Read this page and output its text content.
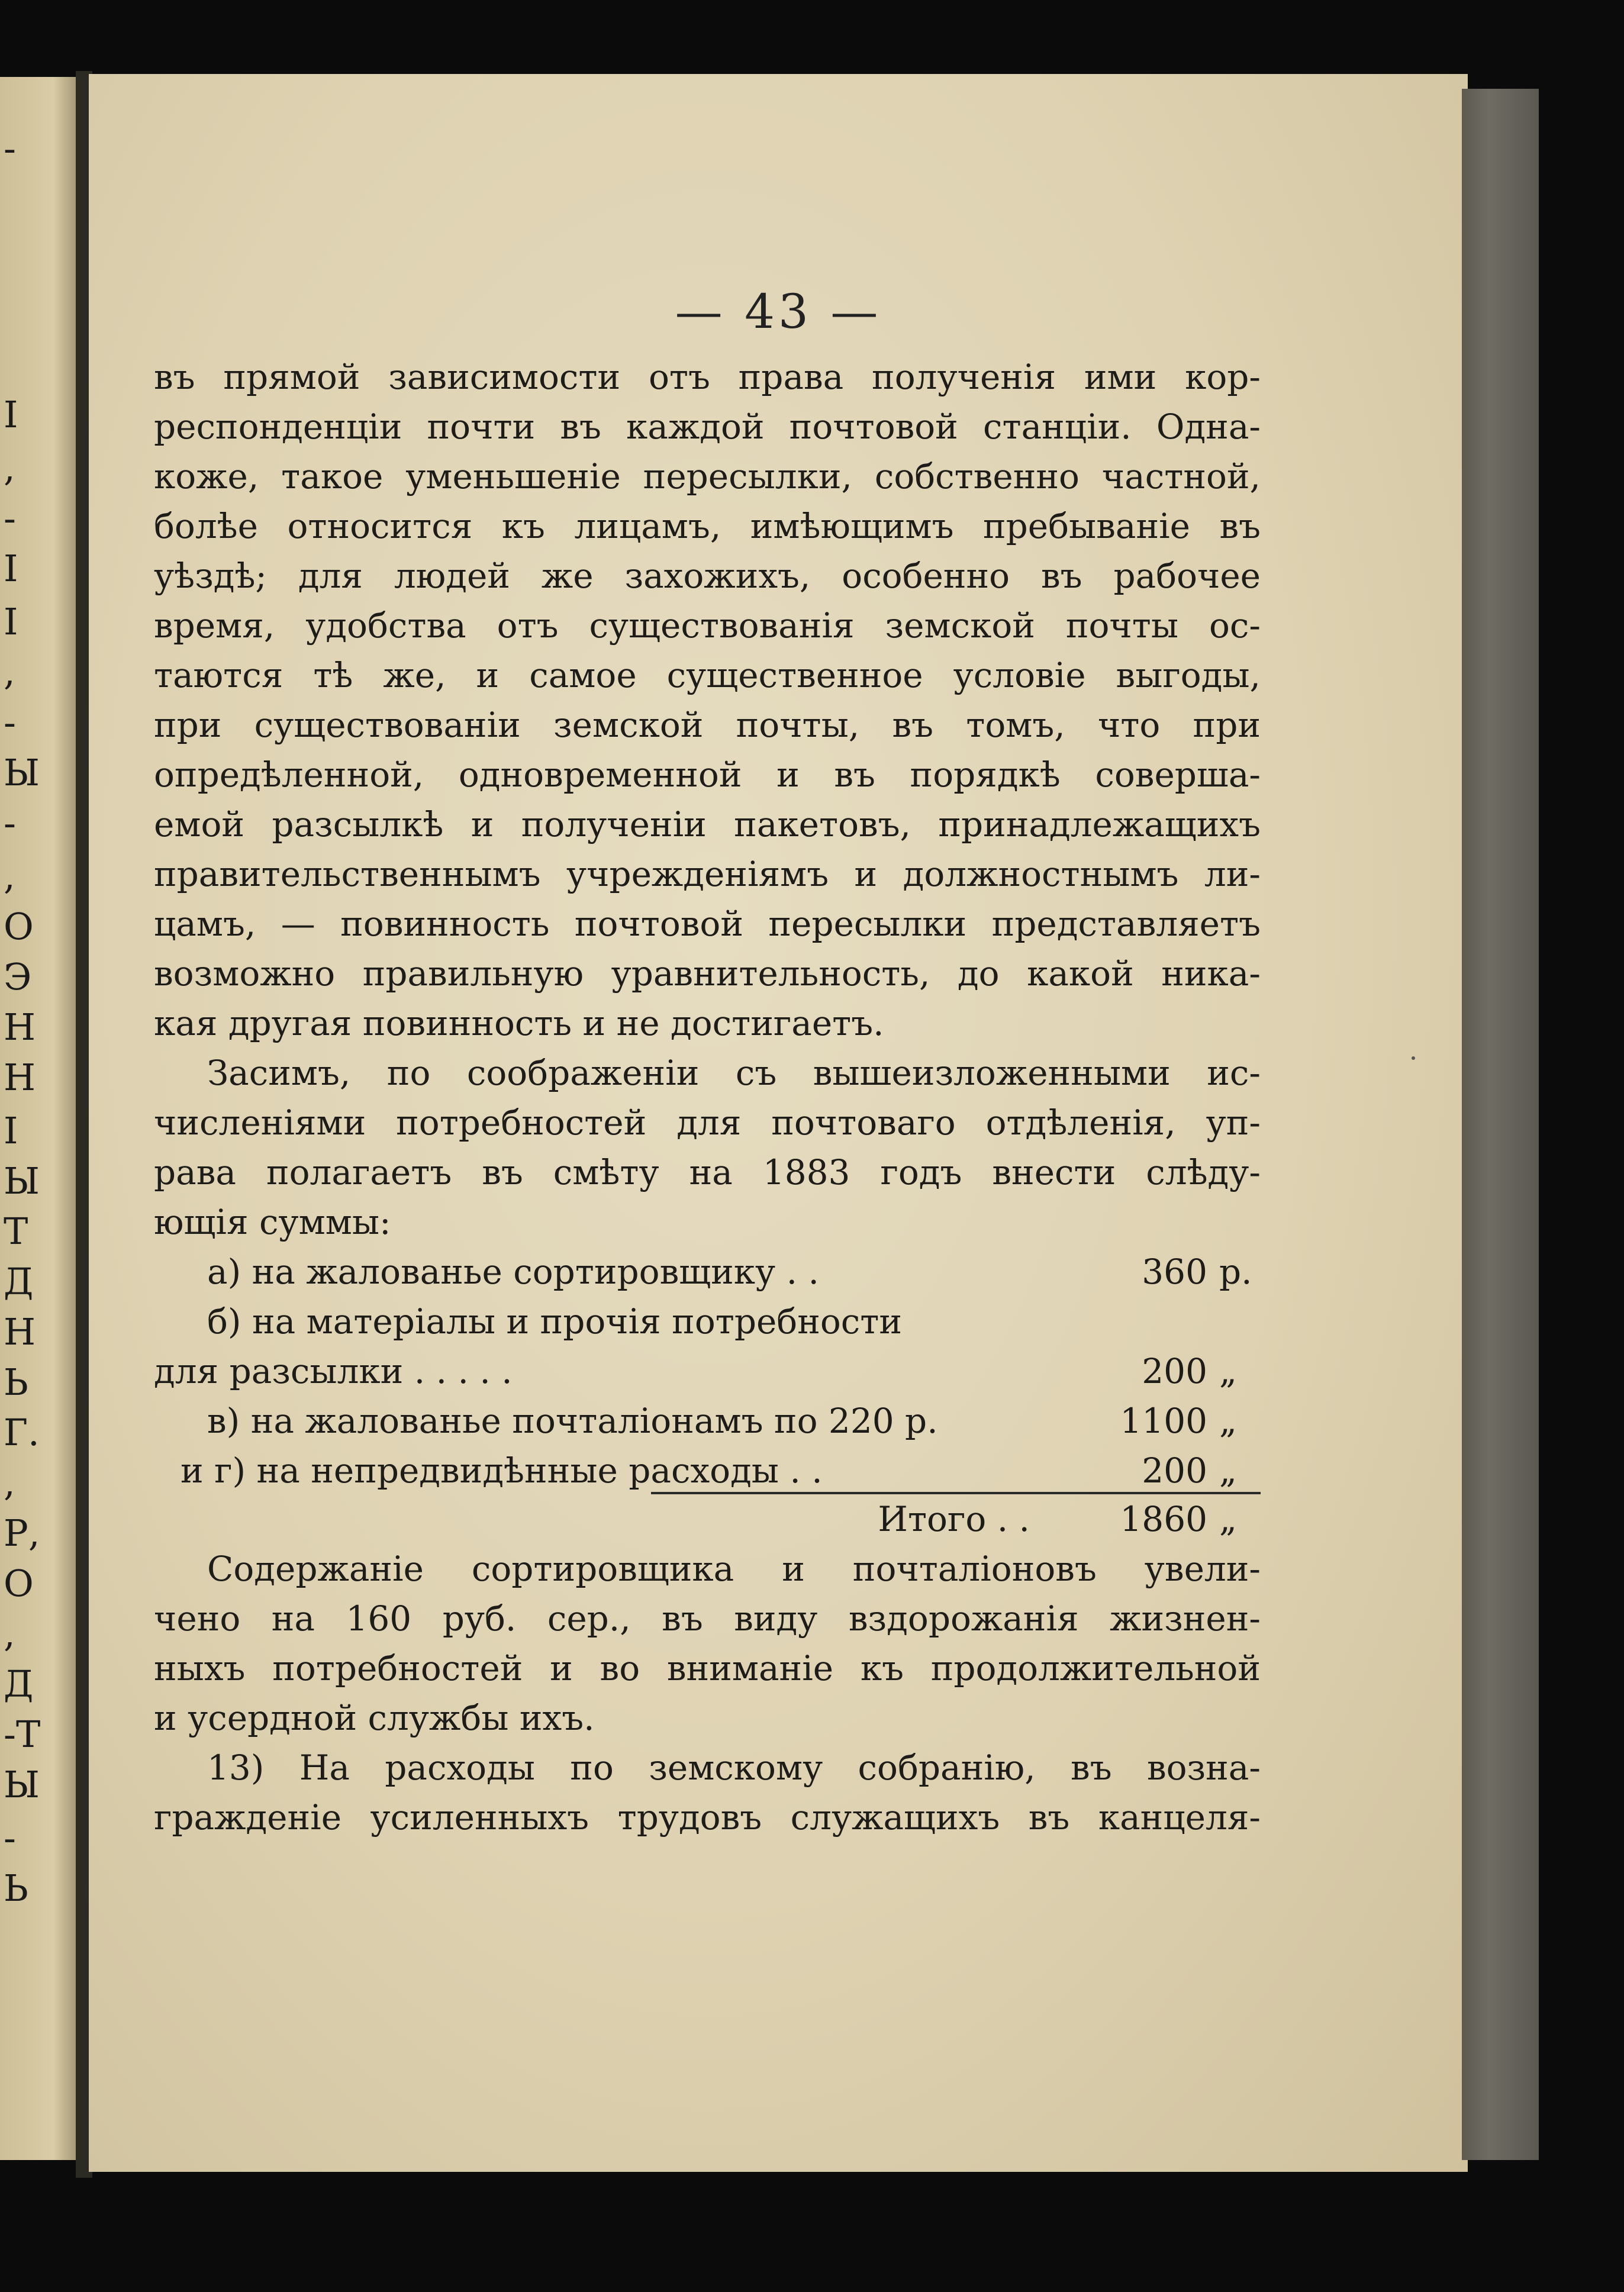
-
I
,
-
I
I
,
-
Ы
-
,
О
Э
Н
Н
I
Ы
Т
Д
Н
Ь
Г.
,
Р,
О
,
Д
-Т
Ы
-
Ь
— 43 —
въ прямой зависимости отъ права полученія ими кор-
респонденціи почти въ каждой почтовой станціи. Одна-
коже, такое уменьшеніе пересылки, собственно частной,
болѣе относится къ лицамъ, имѣющимъ пребываніе въ
уѣздѣ; для людей же захожихъ, особенно въ рабочее
время, удобства отъ существованія земской почты ос-
таются тѣ же, и самое существенное условіе выгоды,
при существованіи земской почты, въ томъ, что при
опредѣленной, одновременной и въ порядкѣ соверша-
емой разсылкѣ и полученіи пакетовъ, принадлежащихъ
правительственнымъ учрежденіямъ и должностнымъ ли-
цамъ, — повинность почтовой пересылки представляетъ
возможно правильную уравнительность, до какой ника-
кая другая повинность и не достигаетъ.
Засимъ, по соображеніи съ вышеизложенными ис-
численіями потребностей для почтоваго отдѣленія, уп-
рава полагаетъ въ смѣту на 1883 годъ внести слѣду-
ющія суммы:
а) на жалованье сортировщику . .	360 р.
б) на матеріалы и прочія потребности
для разсылки . . . . .	200 „
в) на жалованье почталіонамъ по 220 р.	1100 „
и г) на непредвидѣнные расходы . .	200 „
Итого . .	1860 „
Содержаніе сортировщика и почталіоновъ увели-
чено на 160 руб. сер., въ виду вздорожанія жизнен-
ныхъ потребностей и во вниманіе къ продолжительной
и усердной службы ихъ.
13) На расходы по земскому собранію, въ возна-
гражденіе усиленныхъ трудовъ служащихъ въ канцеля-
